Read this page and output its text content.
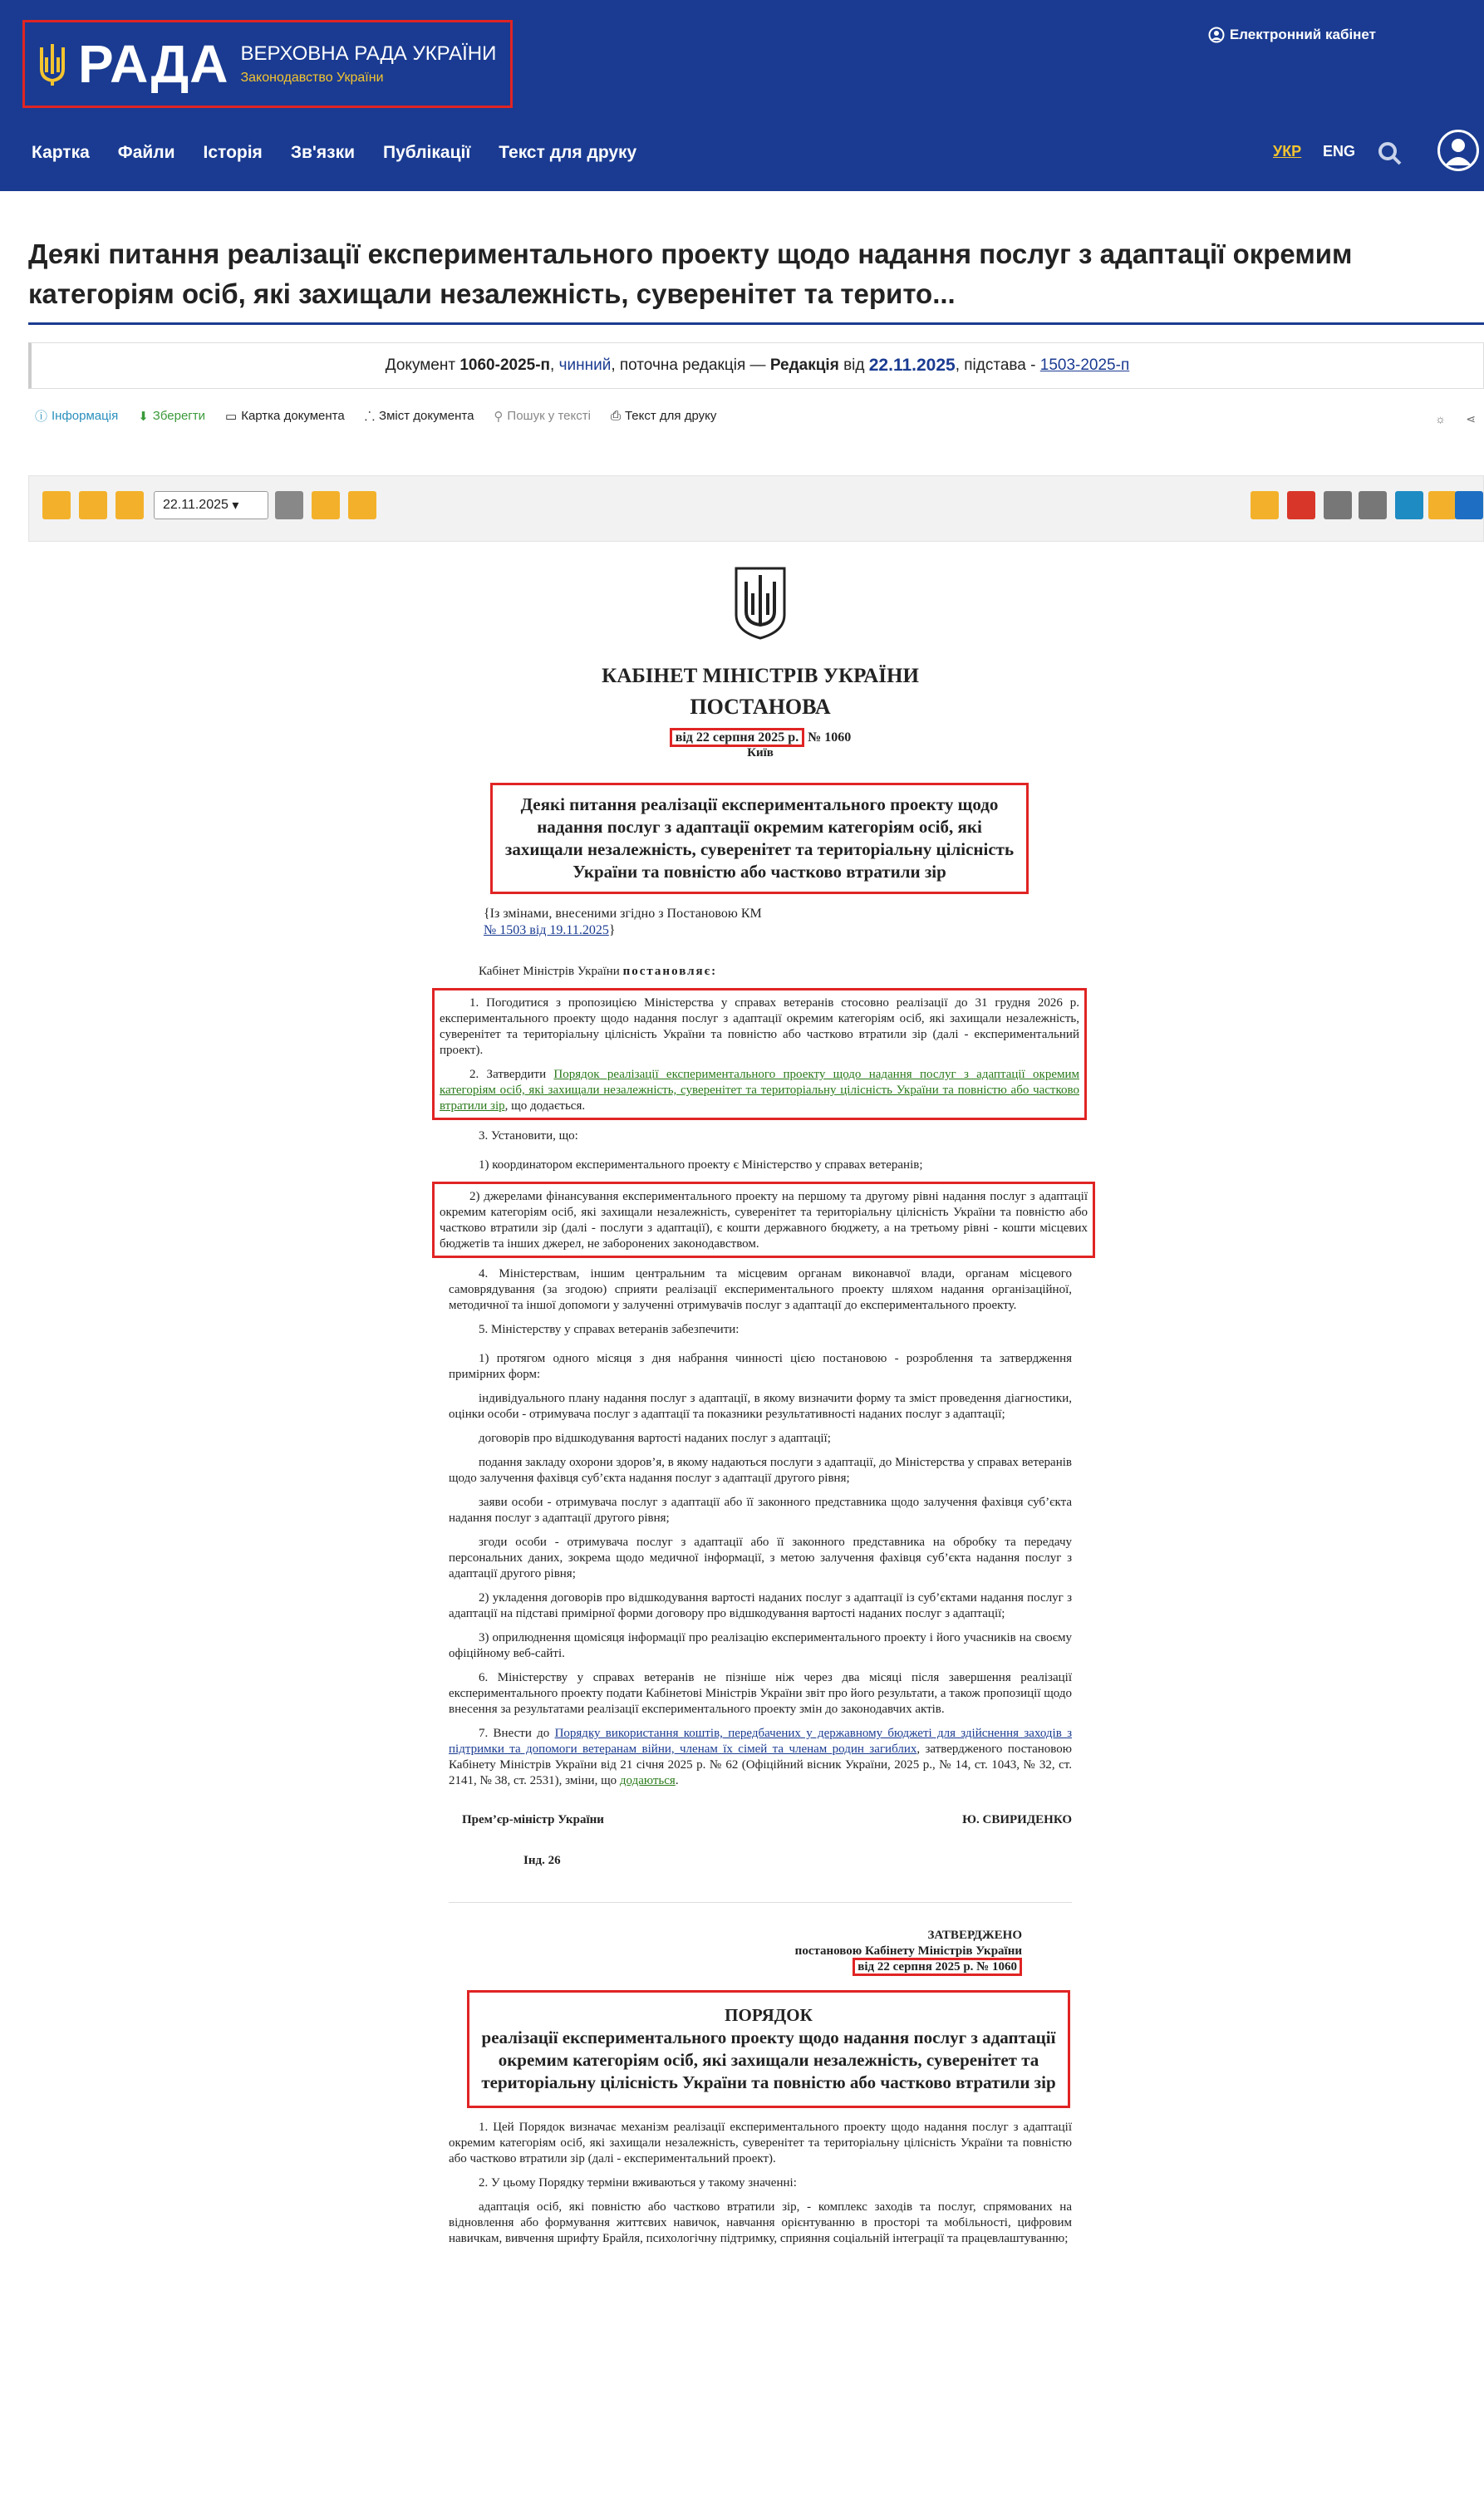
РАДА ВЕРХОВНА РАДА УКРАЇНИ
Законодавство України
Електронний кабінет
Картка Файли Історія Зв'язки Публікації Текст для друку	УКР ENG
Деякі питання реалізації експериментального проекту щодо надання послуг з адаптації окремим категоріям осіб, які захищали незалежність, суверенітет та терито...
Документ
1060-2025-п , чинний , поточна редакція —
Редакція
від
22.11.2025 , підстава -
1503-2025-п
ⓘ Інформація ⬇ Зберегти ▭ Картка документа ⸫ Зміст документа ⚲ Пошук у тексті ⎙ Текст для друку	☼ ⋖
22.11.2025 ▾
КАБІНЕТ МІНІСТРІВ УКРАЇНИ
ПОСТАНОВА
від 22 серпня 2025 р. № 1060
Київ
Деякі питання реалізації експериментального проекту щодо надання послуг з адаптації окремим категоріям осіб, які захищали незалежність, суверенітет та територіальну цілісність України та повністю або частково втратили зір
{Із змінами, внесеними згідно з Постановою КМ
№ 1503 від 19.11.2025}

Кабінет Міністрів України постановляє:

1. Погодитися з пропозицією Міністерства у справах ветеранів стосовно реалізації до 31 грудня 2026 р. експериментального проекту щодо надання послуг з адаптації окремим категоріям осіб, які захищали незалежність, суверенітет та територіальну цілісність України та повністю або частково втратили зір (далі - експериментальний проект).

2. Затвердити Порядок реалізації експериментального проекту щодо надання послуг з адаптації окремим категоріям осіб, які захищали незалежність, суверенітет та територіальну цілісність України та повністю або частково втратили зір, що додається.

3. Установити, що:

1) координатором експериментального проекту є Міністерство у справах ветеранів;

2) джерелами фінансування експериментального проекту на першому та другому рівні надання послуг з адаптації окремим категоріям осіб, які захищали незалежність, суверенітет та територіальну цілісність України та повністю або частково втратили зір (далі - послуги з адаптації), є кошти державного бюджету, а на третьому рівні - кошти місцевих бюджетів та інших джерел, не заборонених законодавством.

4. Міністерствам, іншим центральним та місцевим органам виконавчої влади, органам місцевого самоврядування (за згодою) сприяти реалізації експериментального проекту шляхом надання організаційної, методичної та іншої допомоги у залученні отримувачів послуг з адаптації до експериментального проекту.

5. Міністерству у справах ветеранів забезпечити:

1) протягом одного місяця з дня набрання чинності цією постановою - розроблення та затвердження примірних форм:

індивідуального плану надання послуг з адаптації, в якому визначити форму та зміст проведення діагностики, оцінки особи - отримувача послуг з адаптації та показники результативності наданих послуг з адаптації;

договорів про відшкодування вартості наданих послуг з адаптації;

подання закладу охорони здоров’я, в якому надаються послуги з адаптації, до Міністерства у справах ветеранів щодо залучення фахівця суб’єкта надання послуг з адаптації другого рівня;

заяви особи - отримувача послуг з адаптації або її законного представника щодо залучення фахівця суб’єкта надання послуг з адаптації другого рівня;

згоди особи - отримувача послуг з адаптації або її законного представника на обробку та передачу персональних даних, зокрема щодо медичної інформації, з метою залучення фахівця суб’єкта надання послуг з адаптації другого рівня;

2) укладення договорів про відшкодування вартості наданих послуг з адаптації із суб’єктами надання послуг з адаптації на підставі примірної форми договору про відшкодування вартості наданих послуг з адаптації;

3) оприлюднення щомісяця інформації про реалізацію експериментального проекту і його учасників на своєму офіційному веб-сайті.

6. Міністерству у справах ветеранів не пізніше ніж через два місяці після завершення реалізації експериментального проекту подати Кабінетові Міністрів України звіт про його результати, а також пропозиції щодо внесення за результатами реалізації експериментального проекту змін до законодавчих актів.

7. Внести до Порядку використання коштів, передбачених у державному бюджеті для здійснення заходів з підтримки та допомоги ветеранам війни, членам їх сімей та членам родин загиблих, затвердженого постановою Кабінету Міністрів України від 21 січня 2025 р. № 62 (Офіційний вісник України, 2025 р., № 14, ст. 1043, № 32, ст. 2141, № 38, ст. 2531), зміни, що додаються.

Прем’єр-міністр України	Ю. СВИРИДЕНКО
Інд. 26
ЗАТВЕРДЖЕНО
постановою Кабінету Міністрів України
від 22 серпня 2025 р. № 1060
ПОРЯДОК
реалізації експериментального проекту щодо надання послуг з адаптації окремим категоріям осіб, які захищали незалежність, суверенітет та територіальну цілісність України та повністю або частково втратили зір

1. Цей Порядок визначає механізм реалізації експериментального проекту щодо надання послуг з адаптації окремим категоріям осіб, які захищали незалежність, суверенітет та територіальну цілісність України та повністю або частково втратили зір (далі - експериментальний проект).

2. У цьому Порядку терміни вживаються у такому значенні:

адаптація осіб, які повністю або частково втратили зір, - комплекс заходів та послуг, спрямованих на відновлення або формування життєвих навичок, навчання орієнтуванню в просторі та мобільності, цифровим навичкам, вивчення шрифту Брайля, психологічну підтримку, сприяння соціальній інтеграції та працевлаштуванню;
